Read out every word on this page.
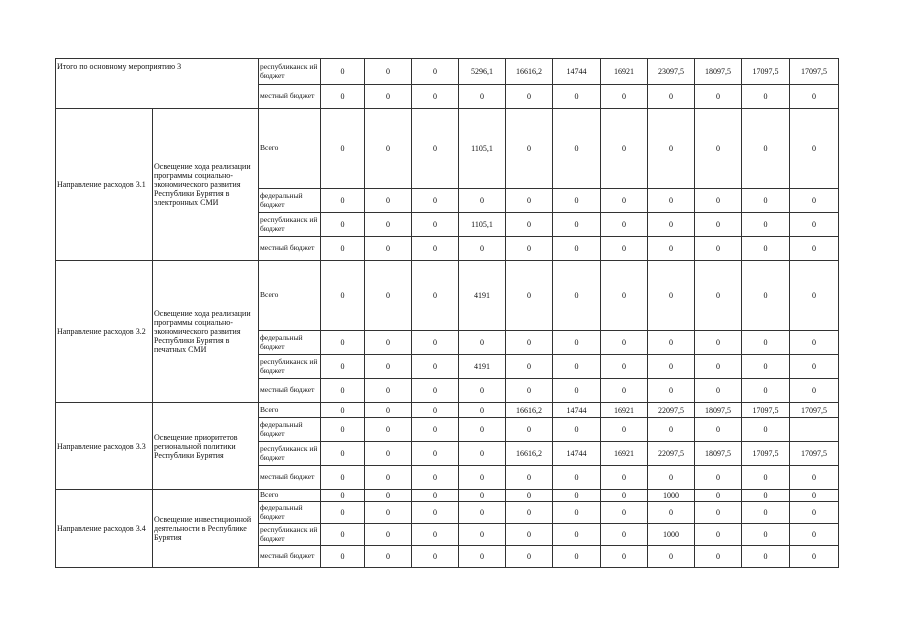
Итого по основному мероприятию 3		республиканск ий бюджет	0	0	0	5296,1	16616,2	14744	16921	23097,5	18097,5	17097,5	17097,5
		местный бюджет	0	0	0	0	0	0	0	0	0	0	0
Направление расходов 3.1	Освещение хода реализации программы социально-экономического развития Республики Бурятия в электронных СМИ	Всего	0	0	0	1105,1	0	0	0	0	0	0	0
		федеральный бюджет	0	0	0	0	0	0	0	0	0	0	0
		республиканск ий бюджет	0	0	0	1105,1	0	0	0	0	0	0	0
		местный бюджет	0	0	0	0	0	0	0	0	0	0	0
Направление расходов 3.2	Освещение хода реализации программы социально-экономического развития Республики Бурятия в печатных СМИ	Всего	0	0	0	4191	0	0	0	0	0	0	0
		федеральный бюджет	0	0	0	0	0	0	0	0	0	0	0
		республиканск ий бюджет	0	0	0	4191	0	0	0	0	0	0	0
		местный бюджет	0	0	0	0	0	0	0	0	0	0	0
Направление расходов 3.3	Освещение приоритетов региональной политики Республики Бурятия	Всего	0	0	0	0	16616,2	14744	16921	22097,5	18097,5	17097,5	17097,5
		федеральный бюджет	0	0	0	0	0	0	0	0	0	0	
		республиканск ий бюджет	0	0	0	0	16616,2	14744	16921	22097,5	18097,5	17097,5	17097,5
		местный бюджет	0	0	0	0	0	0	0	0	0	0	0
Направление расходов 3.4	Освещение инвестиционной деятельности в Республике Бурятия	Всего	0	0	0	0	0	0	0	1000	0	0	0
		федеральный бюджет	0	0	0	0	0	0	0	0	0	0	0
		республиканск ий бюджет	0	0	0	0	0	0	0	1000	0	0	0
		местный бюджет	0	0	0	0	0	0	0	0	0	0	0
